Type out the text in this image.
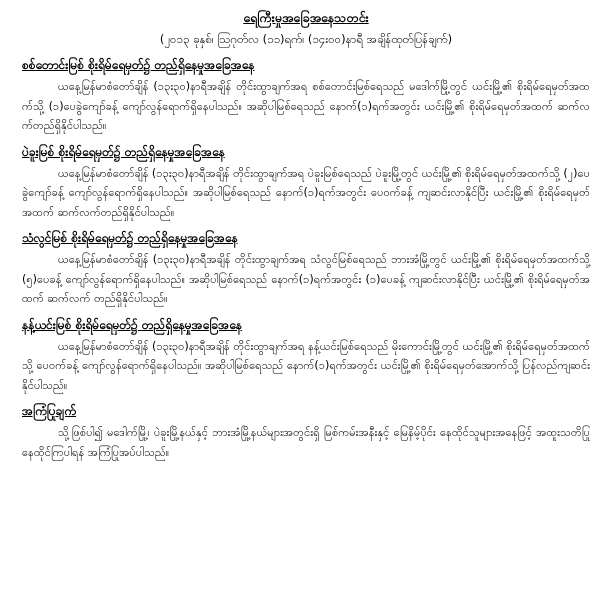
ရေကြီးမှုအခြေအနေသတင်း

(၂၀၁၃ ခုနှစ်၊ ဩဂုတ်လ (၁၁)ရက်၊ (၁၄း၀၀)နာရီ အချိန်ထုတ်ပြန်ချက်)

စစ်တောင်းမြစ် စိုးရိမ်ရေမှတ်၌ တည်ရှိနေမှုအခြေအနေ

ယနေ့မြန်မာစံတော်ချိန် (၁၃း၃၀)နာရီအချိန် တိုင်းထွာချက်အရ စစ်တောင်းမြစ်ရေသည် မဒေါက်မြို့တွင် ယင်းမြို့၏ စိုးရိမ်ရေမှတ်အထက်သို့ (၁)ပေခွဲကျော်ခန့် ကျော်လွန်ရောက်ရှိနေပါသည်။ အဆိုပါမြစ်ရေသည် နောက်(၁)ရက်အတွင်း ယင်းမြို့၏ စိုးရိမ်ရေမှတ်အထက် ဆက်လက်တည်ရှိနိုင်ပါသည်။

ပဲခူးမြစ် စိုးရိမ်ရေမှတ်၌ တည်ရှိနေမှုအခြေအနေ

ယနေ့မြန်မာစံတော်ချိန် (၁၃း၃၀)နာရီအချိန် တိုင်းထွာချက်အရ ပဲခူးမြစ်ရေသည် ပဲခူးမြို့တွင် ယင်းမြို့၏ စိုးရိမ်ရေမှတ်အထက်သို့ (၂)ပေခွဲကျော်ခန့် ကျော်လွန်ရောက်ရှိနေပါသည်။ အဆိုပါမြစ်ရေသည် နောက်(၁)ရက်အတွင်း ပေ၀က်ခန့် ကျဆင်းလာနိုင်ပြီး ယင်းမြို့၏ စိုးရိမ်ရေမှတ်အထက် ဆက်လက်တည်ရှိနိုင်ပါသည်။

သံလွင်မြစ် စိုးရိမ်ရေမှတ်၌ တည်ရှိနေမှုအခြေအနေ

ယနေ့မြန်မာစံတော်ချိန် (၁၃း၃၀)နာရီအချိန် တိုင်းထွာချက်အရ သံလွင်မြစ်ရေသည် ဘားအံမြို့တွင် ယင်းမြို့၏ စိုးရိမ်ရေမှတ်အထက်သို့ (၅)ပေခန့် ကျော်လွန်ရောက်ရှိနေပါသည်။ အဆိုပါမြစ်ရေသည် နောက်(၁)ရက်အတွင်း (၁)ပေခန့် ကျဆင်းလာနိုင်ပြီး ယင်းမြို့၏ စိုးရိမ်ရေမှတ်အထက် ဆက်လက် တည်ရှိနိုင်ပါသည်။

နန့်ယင်းမြစ် စိုးရိမ်ရေမှတ်၌ တည်ရှိနေမှုအခြေအနေ

ယနေ့မြန်မာစံတော်ချိန် (၁၃း၃၀)နာရီအချိန် တိုင်းထွာချက်အရ နန့်ယင်းမြစ်ရေသည် မိုးကောင်းမြို့တွင် ယင်းမြို့၏ စိုးရိမ်ရေမှတ်အထက်သို့ ပေ၀က်ခန့် ကျော်လွန်ရောက်ရှိနေပါသည်။ အဆိုပါမြစ်ရေသည် နောက်(၁)ရက်အတွင်း ယင်းမြို့၏ စိုးရိမ်ရေမှတ်အောက်သို့ ပြန်လည်ကျဆင်းနိုင်ပါသည်။

အကြံပြုချက်

သို့ဖြစ်ပါ၍ မဒေါက်မြို့၊ ပဲခူးမြို့နယ်နှင့် ဘားအံမြို့နယ်များအတွင်းရှိ မြစ်ကမ်းအနီးနှင့် မြေနိမ့်ပိုင်း နေထိုင်သူများအနေဖြင့် အထူးသတိပြုနေထိုင်ကြပါရန် အကြံပြုအပ်ပါသည်။
